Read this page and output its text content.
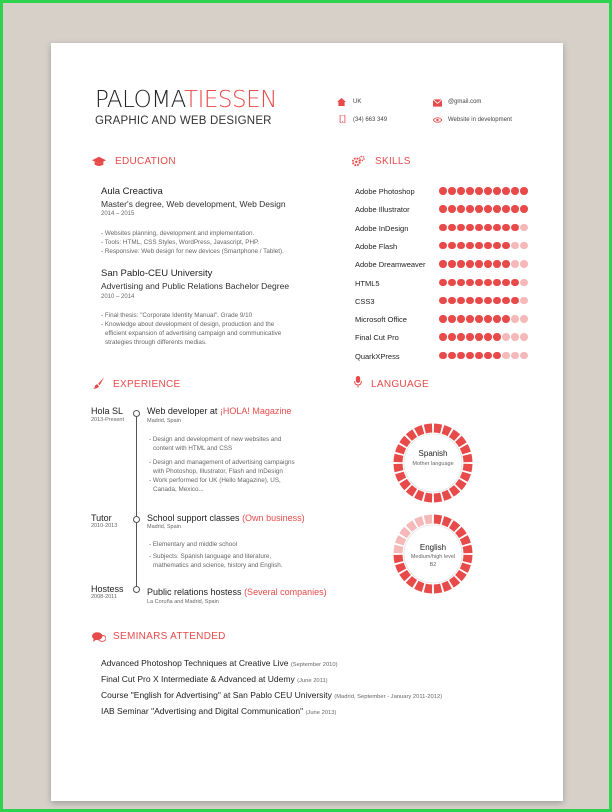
PALOMATIESSEN
GRAPHIC AND WEB DESIGNER
UK
(34) 663 349
@gmail.com
Website in development
EDUCATION
Aula Creactiva
Master's degree, Web development, Web Design
2014 – 2015
- Websites planning, development and implementation.
- Tools: HTML, CSS Styles, WordPress, Javascript, PHP.
- Responsive: Web design for new devices (Smartphone / Tablet).
San Pablo-CEU University
Advertising and Public Relations Bachelor Degree
2010 – 2014
- Final thesis: "Corporate Identity Manual". Grade 9/10
- Knowledge about development of design, production and the
efficient expansion of advertising campaign and communicative
strategies through differents medias.
SKILLS
Adobe Photoshop
Adobe Illustrator
Adobe InDesign
Adobe Flash
Adobe Dreamweaver
HTML5
CSS3
Microsoft Office
Final Cut Pro
QuarkXPress
EXPERIENCE
Hola SL
2013-Present
Web developer at ¡HOLA! Magazine
Madrid, Spain
- Design and development of new websites and
content with HTML and CSS
- Design and management of advertising campaigns
with Photoshop, Illustrator, Flash and InDesign
- Work performed for UK (Hello Magazine), US,
Canada, Mexico...
Tutor
2010-2013
School support classes (Own business)
Madrid, Spain
- Elementary and middle school
- Subjects: Spanish language and literature,
mathematics and science, history and English.
Hostess
2008-2011	Public relations hostess (Several companies)
La Coruña and Madrid, Spain
LANGUAGE
Spanish
Mother language
English
Medium/high level
B2
SEMINARS ATTENDED
Advanced Photoshop Techniques at Creative Live (September 2010)
Final Cut Pro X Intermediate & Advanced at Udemy (June 2011)
Course "English for Advertising" at San Pablo CEU University (Madrid, September - January 2011-2012)
IAB Seminar "Advertising and Digital Communication" (June 2013)
